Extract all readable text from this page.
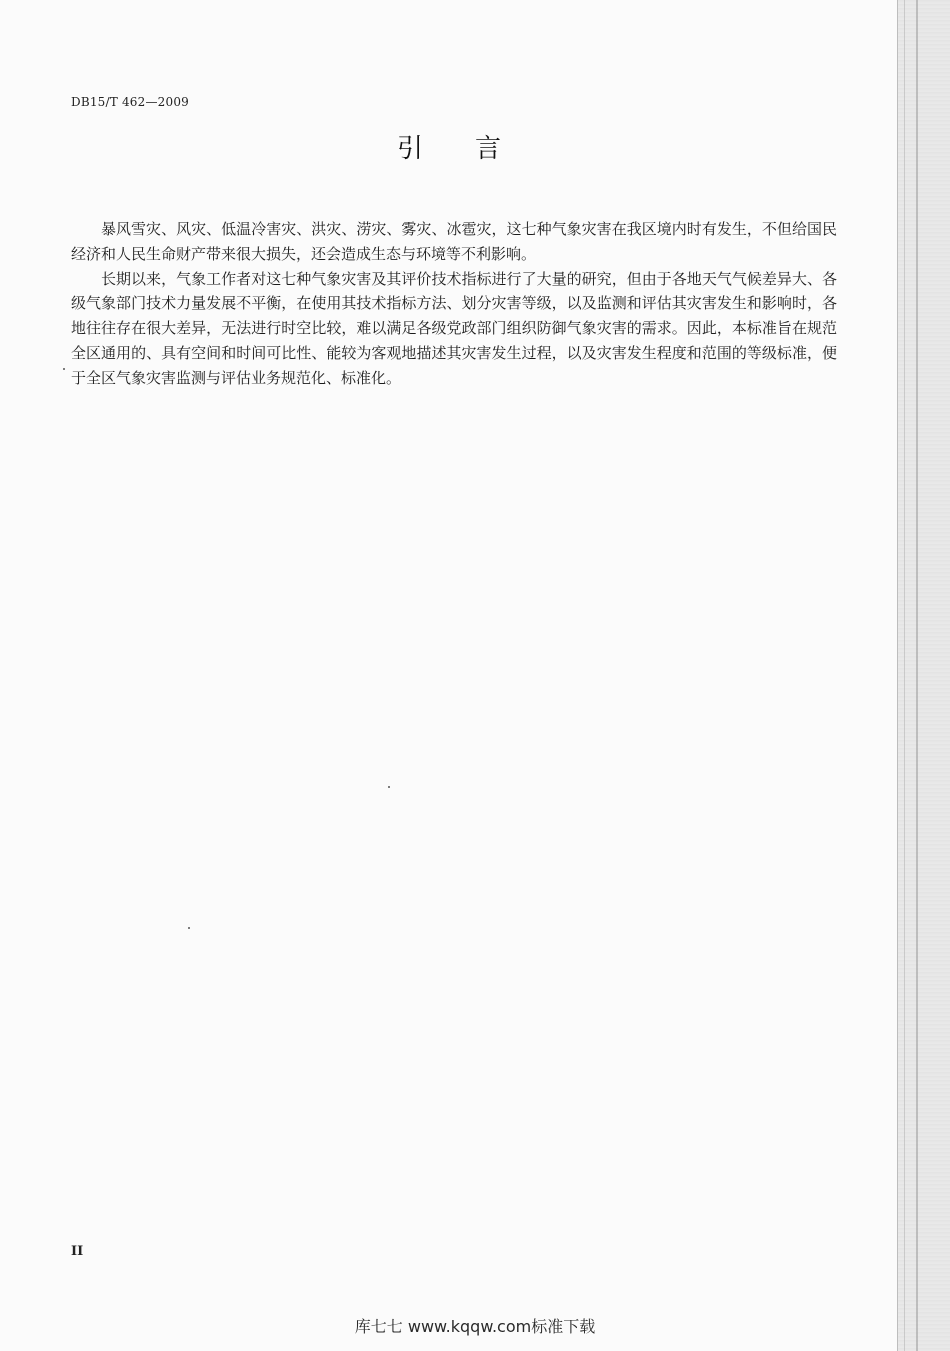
DB15/T 462—2009
引言

暴风雪灾、风灾、低温冷害灾、洪灾、涝灾、雾灾、冰雹灾，这七种气象灾害在我区境内时有发生，不但给国民经济和人民生命财产带来很大损失，还会造成生态与环境等不利影响。

长期以来，气象工作者对这七种气象灾害及其评价技术指标进行了大量的研究，但由于各地天气气候差异大、各级气象部门技术力量发展不平衡，在使用其技术指标方法、划分灾害等级，以及监测和评估其灾害发生和影响时，各地往往存在很大差异，无法进行时空比较，难以满足各级党政部门组织防御气象灾害的需求。因此，本标准旨在规范全区通用的、具有空间和时间可比性、能较为客观地描述其灾害发生过程，以及灾害发生程度和范围的等级标准，便于全区气象灾害监测与评估业务规范化、标准化。

II
库七七 www.kqqw.com标准下载
